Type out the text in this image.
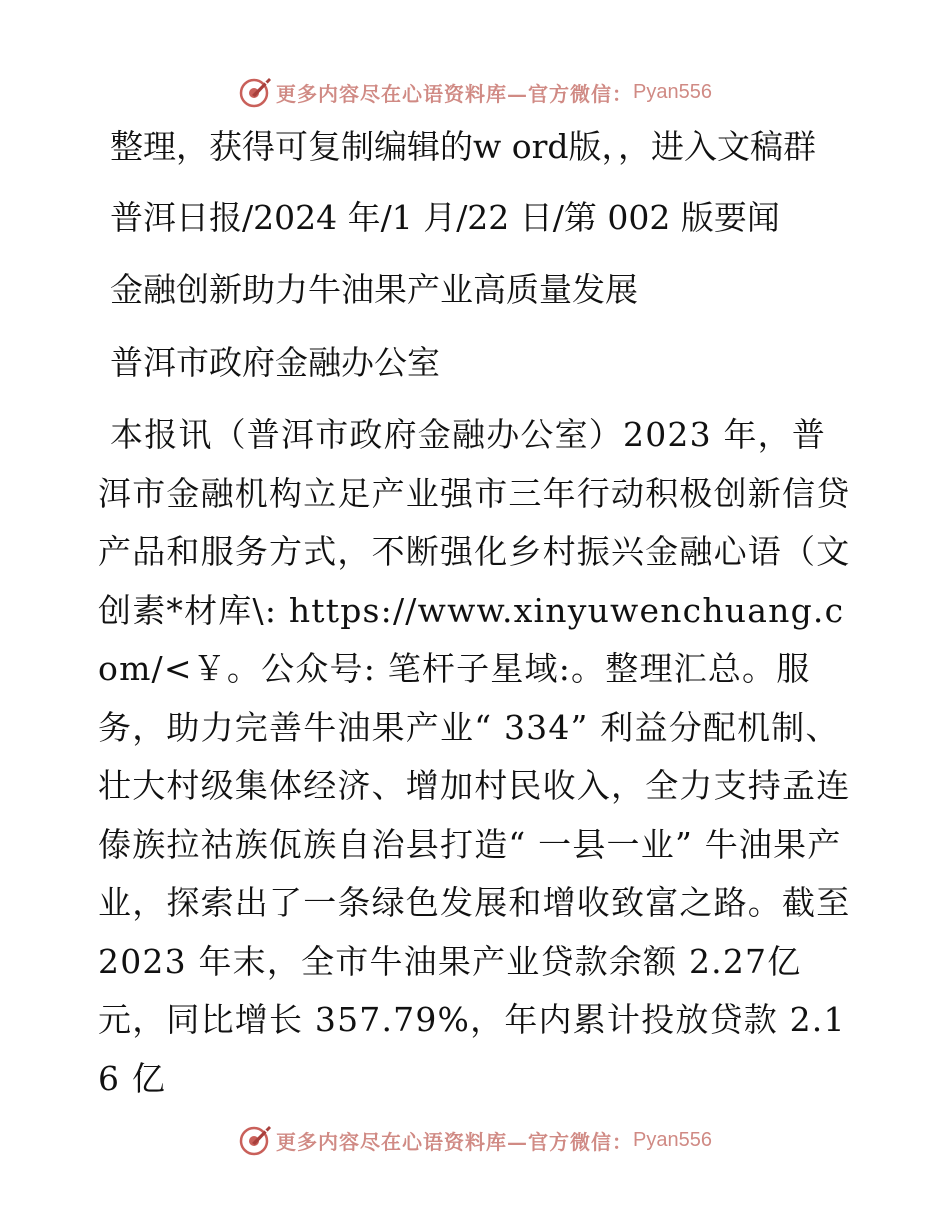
更多内容尽在心语资料库—官方微信： Pyan556

整理，获得可复制编辑的w ord版，，进入文稿群

普洱日报/2024 年/1 月/22 日/第 002 版要闻

金融创新助力牛油果产业高质量发展

普洱市政府金融办公室

本报讯（普洱市政府金融办公室）2023 年，普洱市金融机构立足产业强市三年行动积极创新信贷产品和服务方式，不断强化乡村振兴金融心语（文创素*材库\: https://www.xinyuwenchuang.com/<￥。公众号: 笔杆子星域:。整理汇总。服务，助力完善牛油果产业“ 334” 利益分配机制、壮大村级集体经济、增加村民收入，全力支持孟连傣族拉祜族佤族自治县打造“ 一县一业” 牛油果产业，探索出了一条绿色发展和增收致富之路。截至2023 年末，全市牛油果产业贷款余额 2.27亿元，同比增长 357.79%，年内累计投放贷款 2.16 亿

更多内容尽在心语资料库—官方微信： Pyan556
